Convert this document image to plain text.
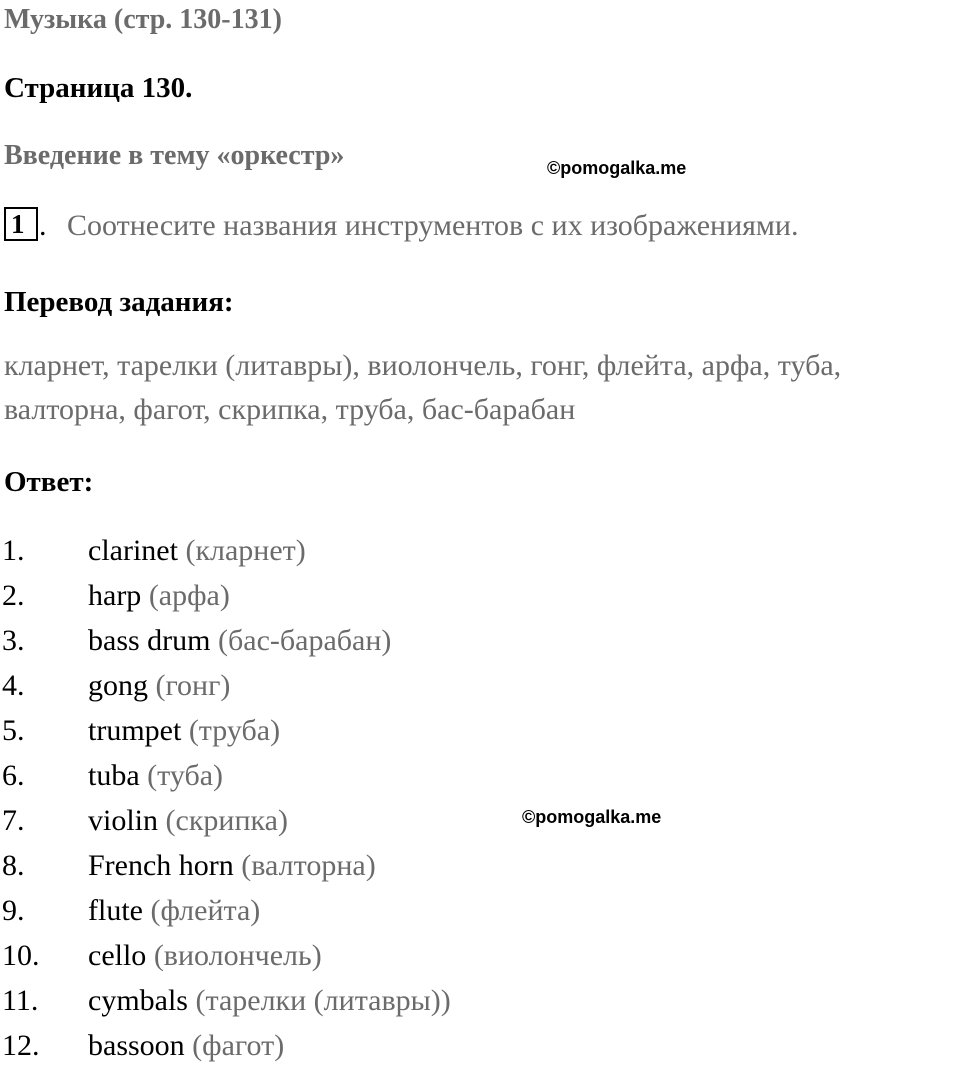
Музыка (стр. 130-131)
Страница 130.
Введение в тему «оркестр»	©pomogalka.me
1 . Соотнесите названия инструментов с их изображениями.
Перевод задания:
кларнет, тарелки (литавры), виолончель, гонг, флейта, арфа, туба,
валторна, фагот, скрипка, труба, бас-барабан
Ответ:
1. clarinet (кларнет)
2. harp (арфа)
3. bass drum (бас-барабан)
4. gong (гонг)
5. trumpet (труба)
6. tuba (туба)
7. violin (скрипка)
8. French horn (валторна)
9. flute (флейта)
10. cello (виолончель)
11. cymbals (тарелки (литавры))
12. bassoon (фагот)
©pomogalka.me
